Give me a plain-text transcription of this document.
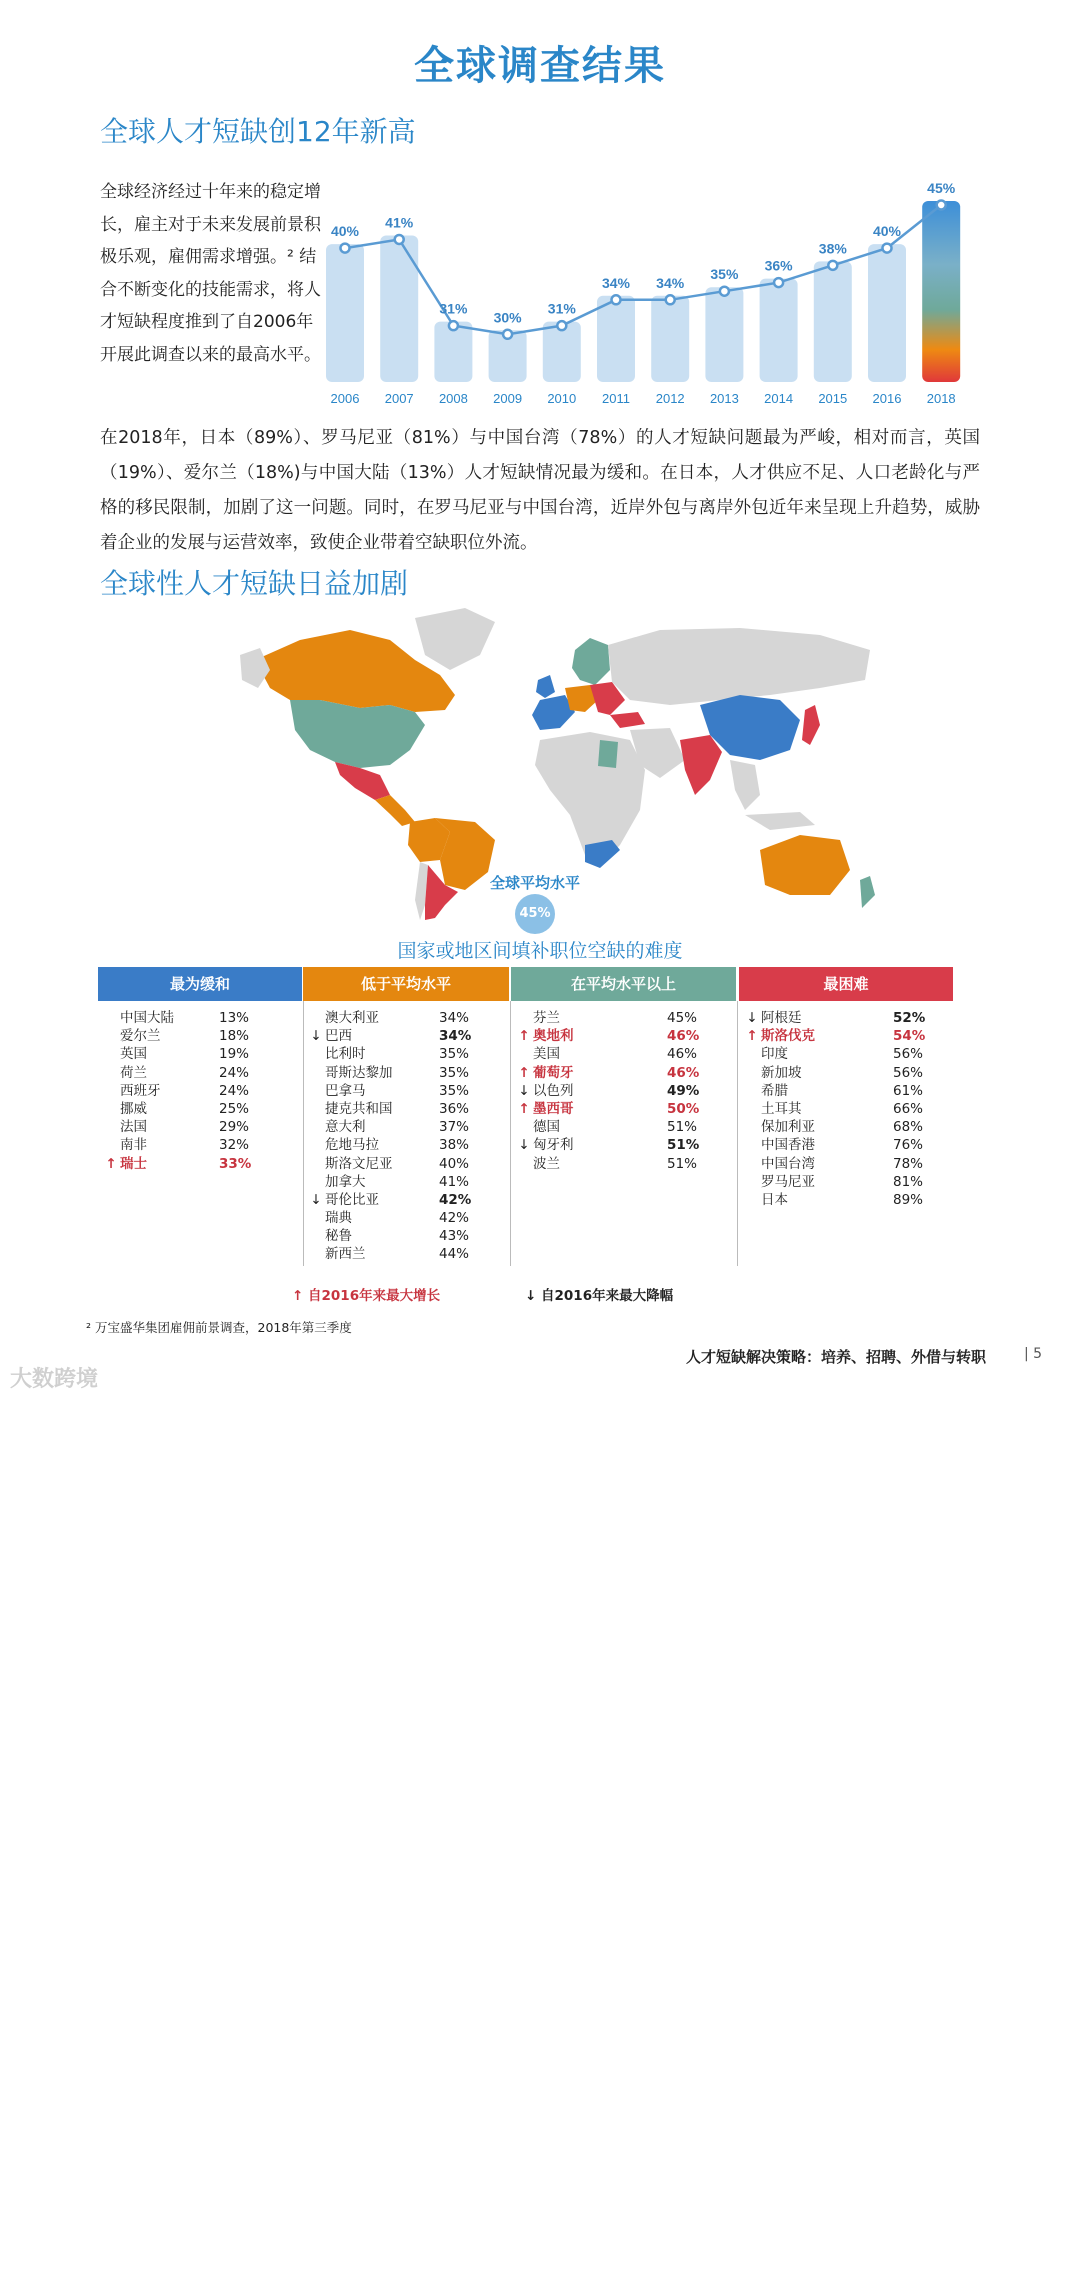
全球调查结果
全球人才短缺创12年新高
全球经济经过十年来的稳定增长，雇主对于未来发展前景积极乐观，雇佣需求增强。² 结合不断变化的技能需求，将人才短缺程度推到了自2006年开展此调查以来的最高水平。
2006
40%
2007
41%
2008
31%
2009
30%
2010
31%
2011
34%
2012
34%
2013
35%
2014
36%
2015
38%
2016
40%
2018
45%
在2018年，日本（89%）、罗马尼亚（81%）与中国台湾（78%）的人才短缺问题最为严峻，相对而言，英国（19%）、爱尔兰（18%)与中国大陆（13%）人才短缺情况最为缓和。在日本，人才供应不足、人口老龄化与严格的移民限制，加剧了这一问题。同时，在罗马尼亚与中国台湾，近岸外包与离岸外包近年来呈现上升趋势，威胁着企业的发展与运营效率，致使企业带着空缺职位外流。
全球性人才短缺日益加剧
全球平均水平
45%
国家或地区间填补职位空缺的难度
最为缓和
中国大陆	13%
爱尔兰	18%
英国	19%
荷兰	24%
西班牙	24%
挪威	25%
法国	29%
南非	32%
↑ 瑞士	33%
低于平均水平
澳大利亚	34%
↓ 巴西	34%
比利时	35%
哥斯达黎加	35%
巴拿马	35%
捷克共和国	36%
意大利	37%
危地马拉	38%
斯洛文尼亚	40%
加拿大	41%
↓ 哥伦比亚	42%
瑞典	42%
秘鲁	43%
新西兰	44%
在平均水平以上
芬兰	45%
↑ 奥地利	46%
美国	46%
↑ 葡萄牙	46%
↓ 以色列	49%
↑ 墨西哥	50%
德国	51%
↓ 匈牙利	51%
波兰	51%
最困难
↓ 阿根廷	52%
↑ 斯洛伐克	54%
印度	56%
新加坡	56%
希腊	61%
土耳其	66%
保加利亚	68%
中国香港	76%
中国台湾	78%
罗马尼亚	81%
日本	89%
↑ 自2016年来最大增长	↓ 自2016年来最大降幅
² 万宝盛华集团雇佣前景调查，2018年第三季度
人才短缺解决策略：培养、招聘、外借与转职	| 5
大数跨境
